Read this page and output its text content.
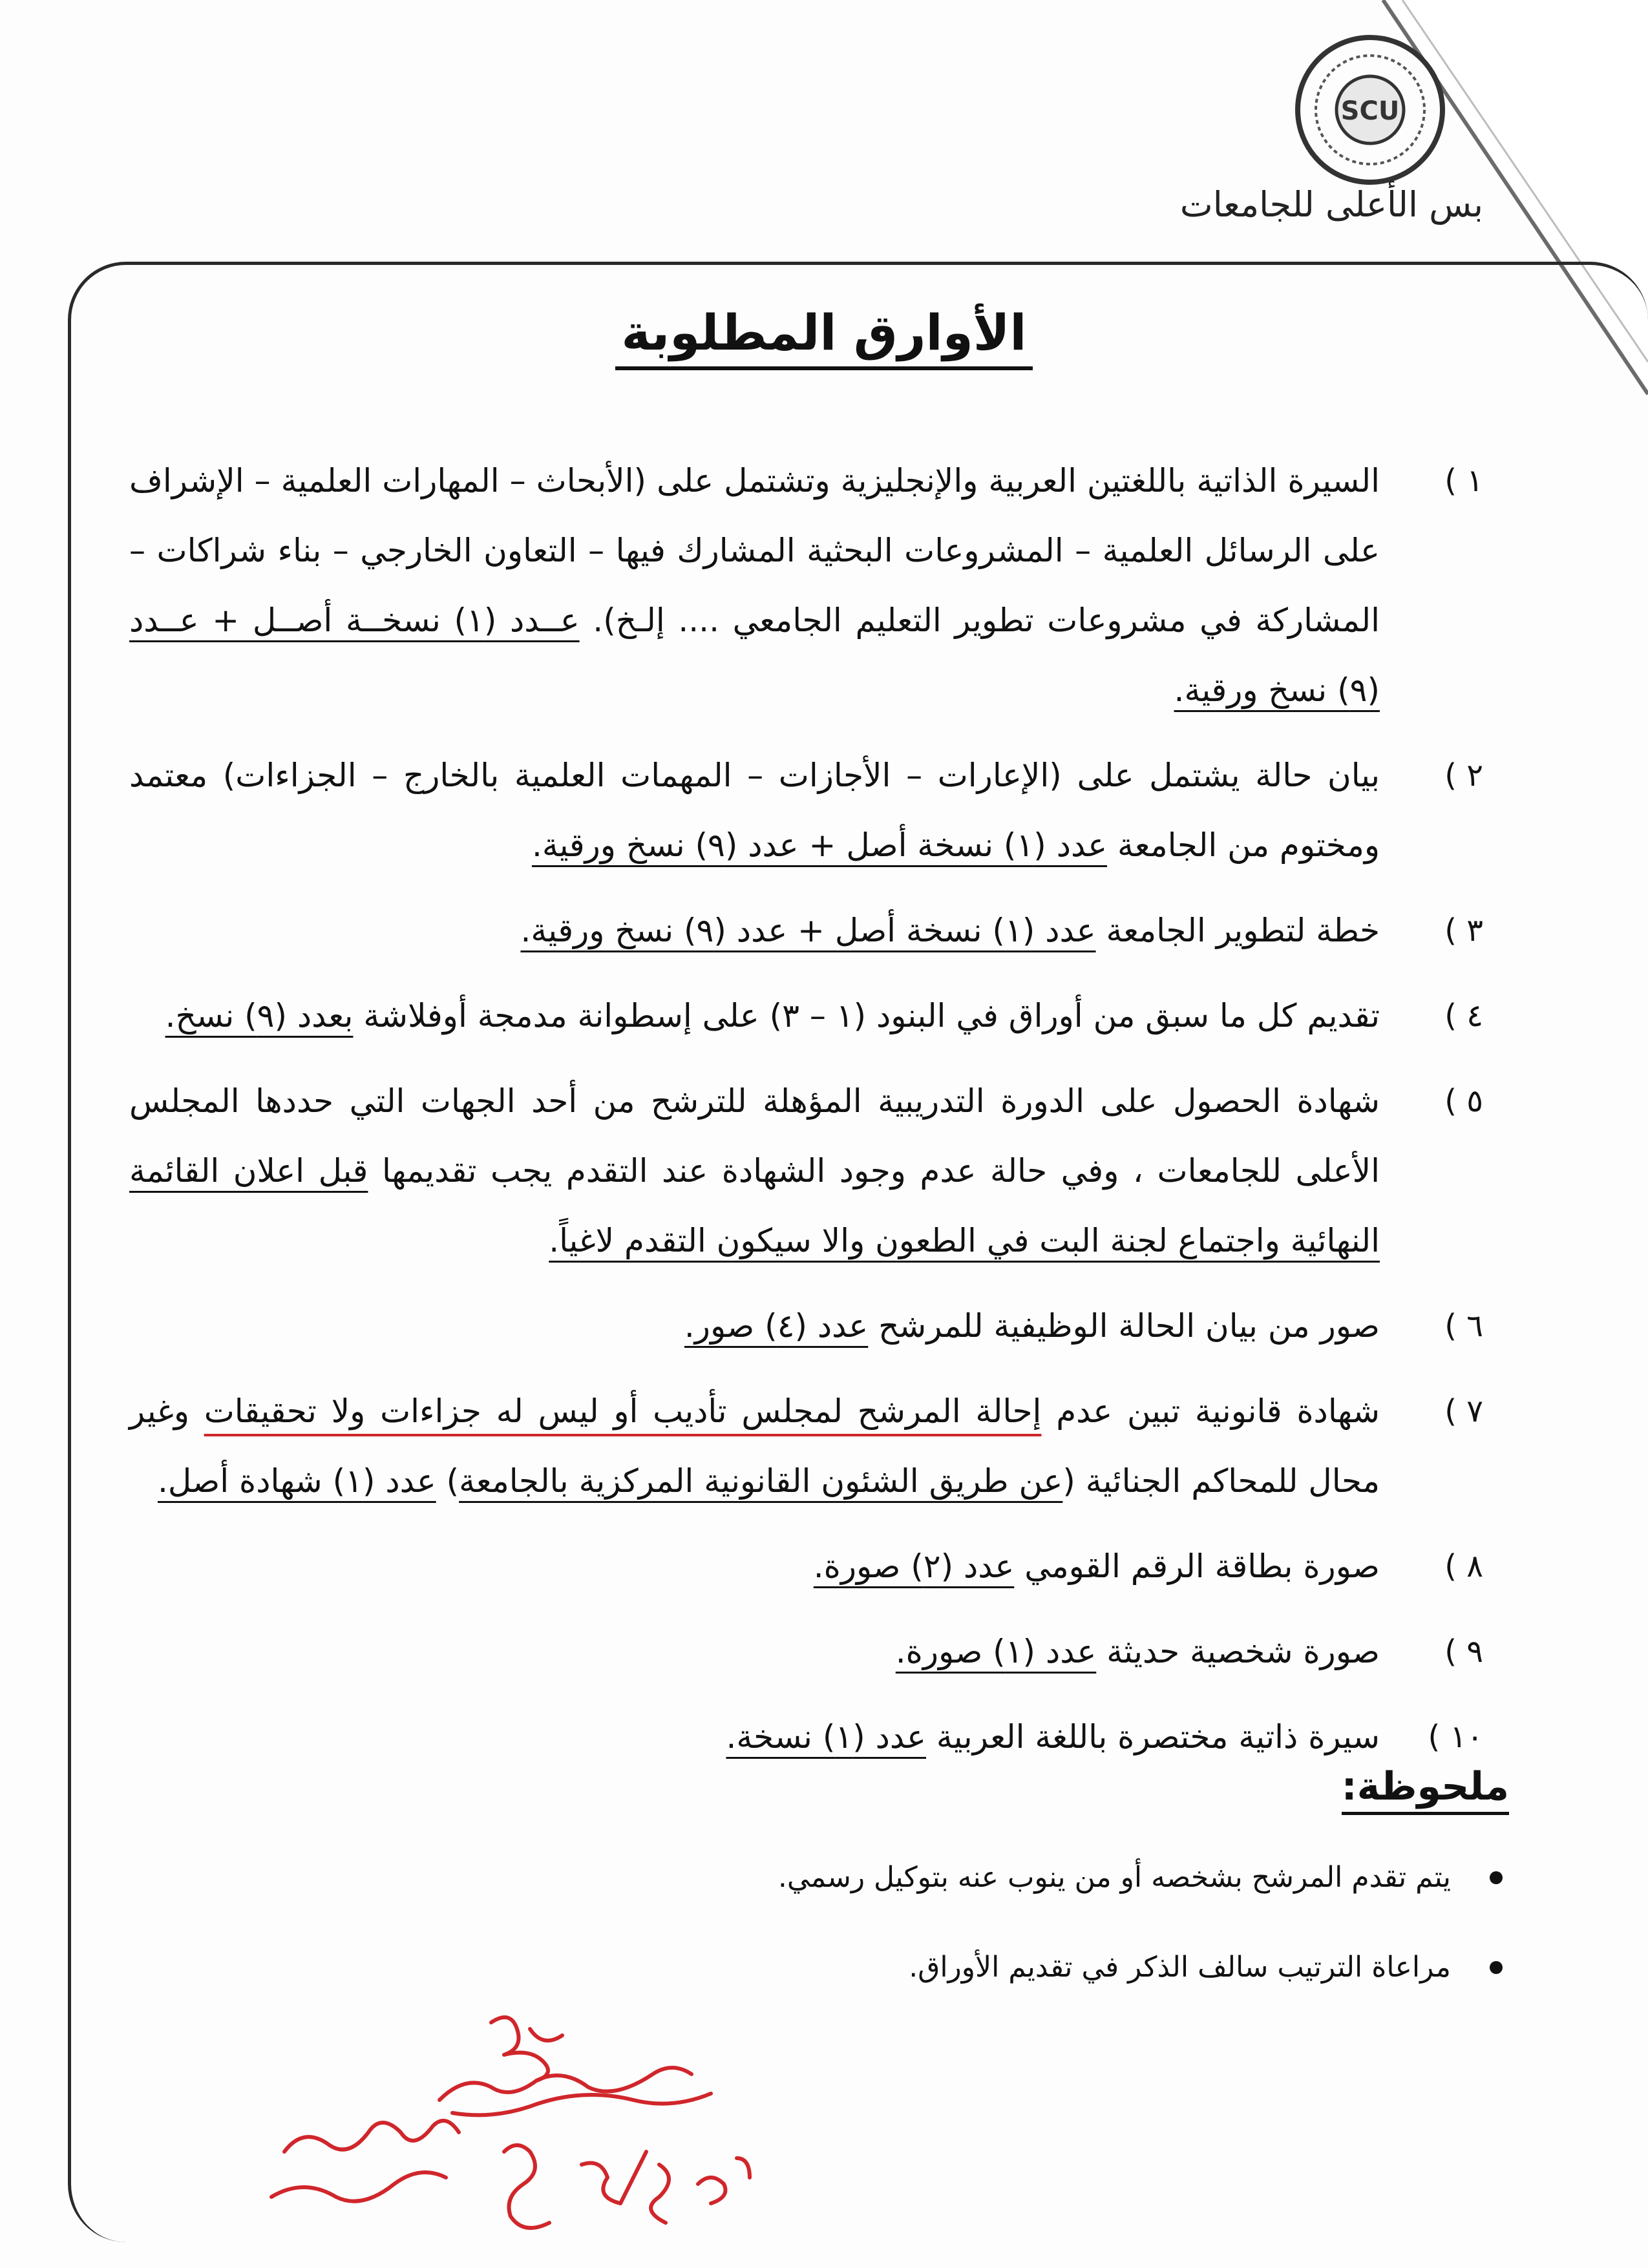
SCU
بس الأعلى للجامعات
الأوارق المطلوبة
١ )
السيرة الذاتية باللغتين العربية والإنجليزية وتشتمل على (الأبحاث – المهارات العلمية – الإشراف على الرسائل العلمية – المشروعات البحثية المشارك فيها – التعاون الخارجي – بناء شراكات – المشاركة في مشروعات تطوير التعليم الجامعي .... إلـخ). عــدد (١) نسخــة أصــل + عــدد (٩) نسخ ورقية.
٢ )
بيان حالة يشتمل على (الإعارات – الأجازات – المهمات العلمية بالخارج – الجزاءات) معتمد ومختوم من الجامعة عدد (١) نسخة أصل + عدد (٩) نسخ ورقية.
٣ )
خطة لتطوير الجامعة عدد (١) نسخة أصل + عدد (٩) نسخ ورقية.
٤ )
تقديم كل ما سبق من أوراق في البنود (١ – ٣) على إسطوانة مدمجة أوفلاشة بعدد (٩) نسخ.
٥ )
شهادة الحصول على الدورة التدريبية المؤهلة للترشح من أحد الجهات التي حددها المجلس الأعلى للجامعات ، وفي حالة عدم وجود الشهادة عند التقدم يجب تقديمها قبل اعلان القائمة النهائية واجتماع لجنة البت في الطعون والا سيكون التقدم لاغياً.
٦ )
صور من بيان الحالة الوظيفية للمرشح عدد (٤) صور.
٧ )
شهادة قانونية تبين عدم إحالة المرشح لمجلس تأديب أو ليس له جزاءات ولا تحقيقات وغير محال للمحاكم الجنائية (عن طريق الشئون القانونية المركزية بالجامعة) عدد (١) شهادة أصل.
٨ )
صورة بطاقة الرقم القومي عدد (٢) صورة.
٩ )
صورة شخصية حديثة عدد (١) صورة.
١٠ )
سيرة ذاتية مختصرة باللغة العربية عدد (١) نسخة.
ملحوظة:
يتم تقدم المرشح بشخصه أو من ينوب عنه بتوكيل رسمي.
مراعاة الترتيب سالف الذكر في تقديم الأوراق.
